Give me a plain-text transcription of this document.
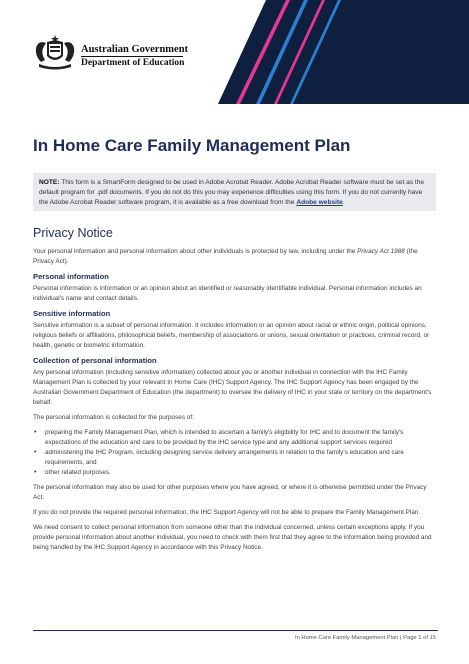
Australian Government
Department of Education
In Home Care Family Management Plan
NOTE: This form is a SmartForm designed to be used in Adobe Acrobat Reader. Adobe Acrobat Reader software must be set as the default program for .pdf documents. If you do not do this you may experience difficulties using this form. If you do not currently have the Adobe Acrobat Reader software program, it is available as a free download from the Adobe website.
Privacy Notice

Your personal information and personal information about other individuals is protected by law, including under the Privacy Act 1988 (the Privacy Act).

Personal information

Personal information is information or an opinion about an identified or reasonably identifiable individual. Personal information includes an individual's name and contact details.

Sensitive information

Sensitive information is a subset of personal information. It includes information or an opinion about racial or ethnic origin, political opinions, religious beliefs or affiliations, philosophical beliefs, membership of associations or unions, sexual orientation or practices, criminal record, or health, genetic or biometric information.

Collection of personal information

Any personal information (including sensitive information) collected about you or another individual in connection with the IHC Family Management Plan is collected by your relevant In Home Care (IHC) Support Agency. The IHC Support Agency has been engaged by the Australian Government Department of Education (the department) to oversee the delivery of IHC in your state or territory on the department's behalf.

The personal information is collected for the purposes of:

• preparing the Family Management Plan, which is intended to ascertain a family's eligibility for IHC and to document the family's expectations of the education and care to be provided by the IHC service type and any additional support services required
• administering the IHC Program, including designing service delivery arrangements in relation to the family's education and care requirements, and
• other related purposes.

The personal information may also be used for other purposes where you have agreed, or where it is otherwise permitted under the Privacy Act.

If you do not provide the required personal information, the IHC Support Agency will not be able to prepare the Family Management Plan.

We need consent to collect personal information from someone other than the individual concerned, unless certain exceptions apply. If you provide personal information about another individual, you need to check with them first that they agree to the information being provided and being handled by the IHC Support Agency in accordance with this Privacy Notice.

In Home Care Family Management Plan | Page 1 of 15
